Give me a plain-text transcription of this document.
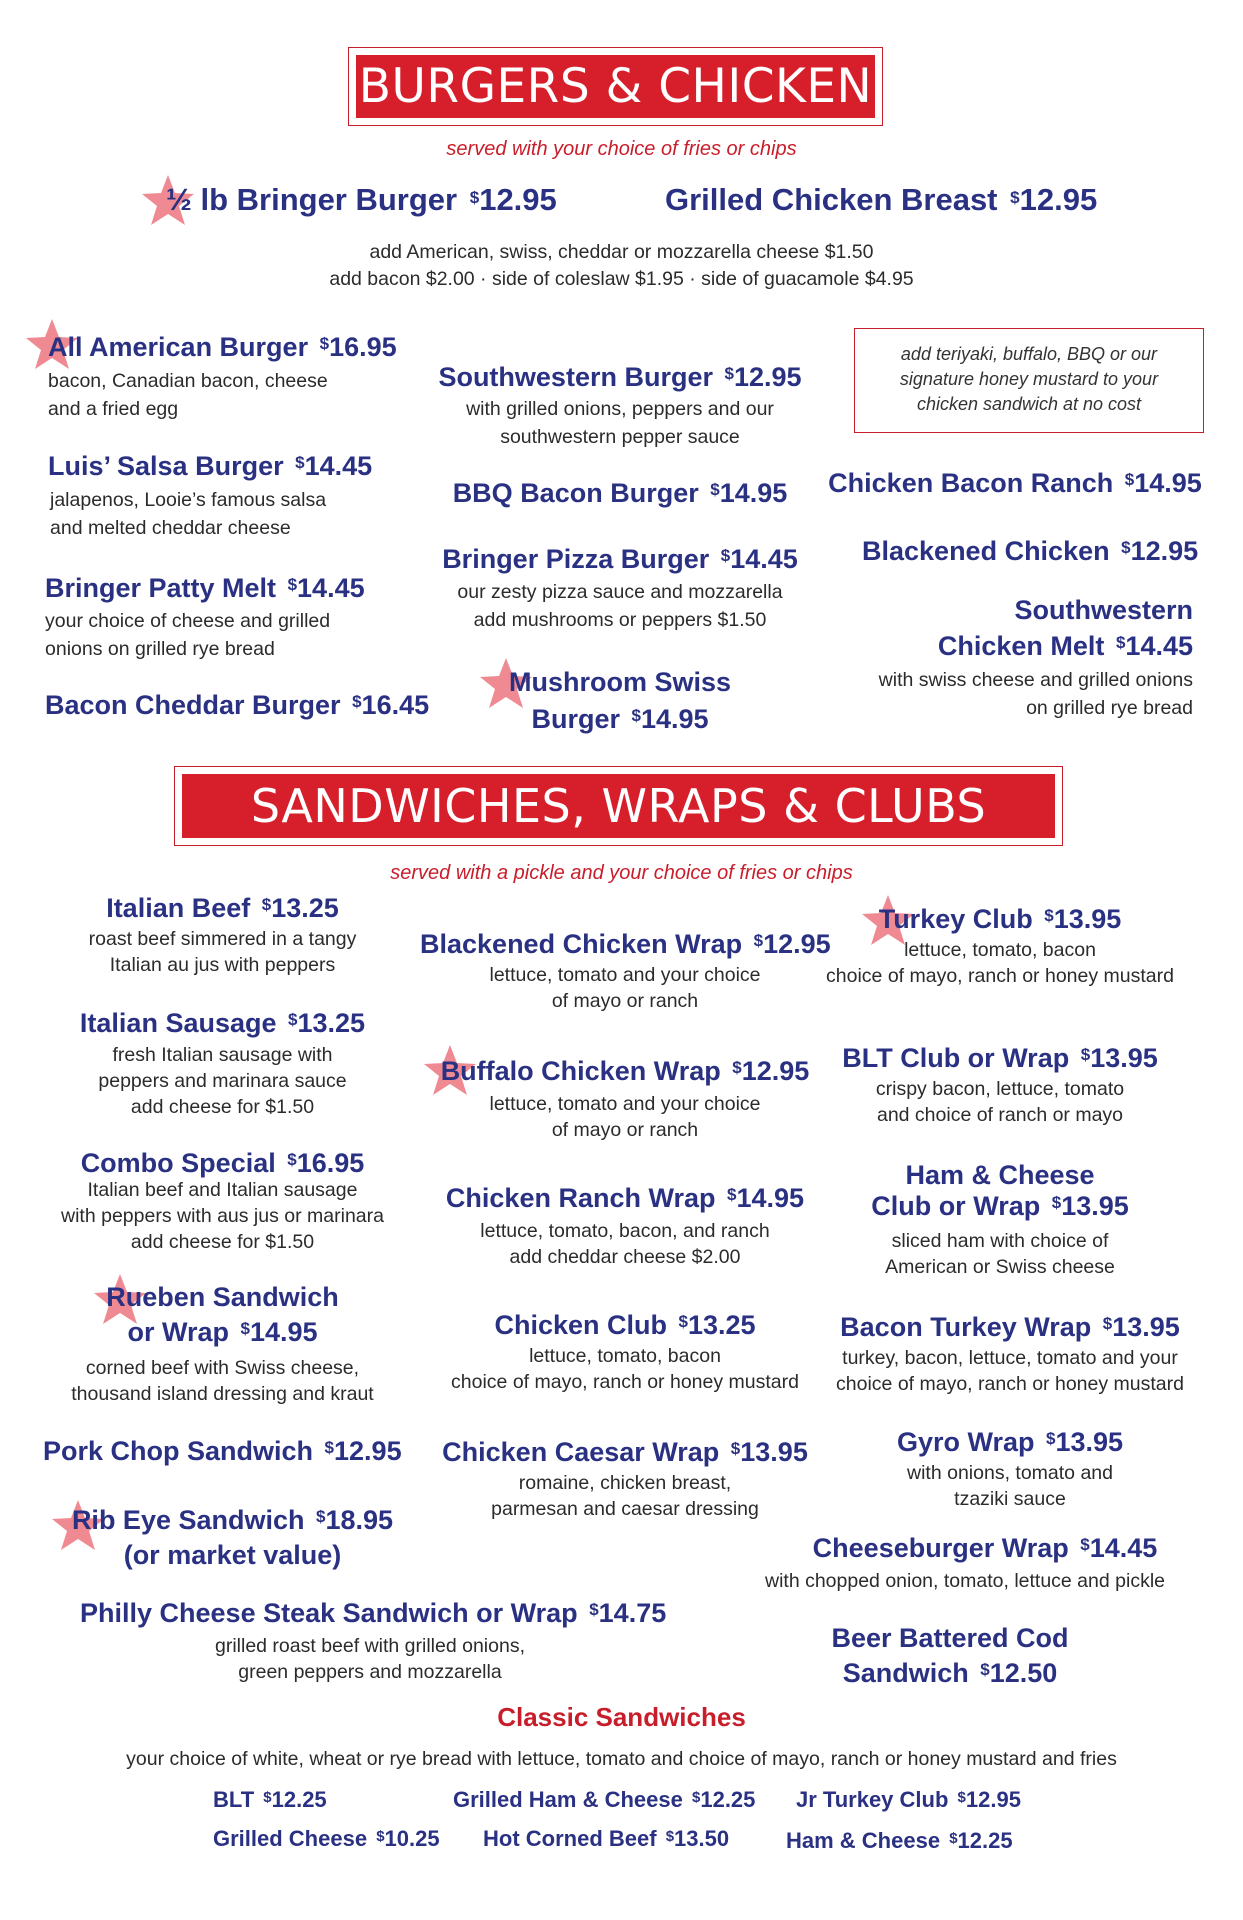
BURGERS & CHICKEN
served with your choice of fries or chips
½ lb Bringer Burger $12.95	Grilled Chicken Breast $12.95
add American, swiss, cheddar or mozzarella cheese $1.50
add bacon $2.00 · side of coleslaw $1.95 · side of guacamole $4.95
All American Burger $16.95
bacon, Canadian bacon, cheese
and a fried egg
Luis’ Salsa Burger $14.45
jalapenos, Looie’s famous salsa
and melted cheddar cheese
Bringer Patty Melt $14.45
your choice of cheese and grilled
onions on grilled rye bread
Bacon Cheddar Burger $16.45
Southwestern Burger $12.95
with grilled onions, peppers and our
southwestern pepper sauce
BBQ Bacon Burger $14.95
Bringer Pizza Burger $14.45
our zesty pizza sauce and mozzarella
add mushrooms or peppers $1.50
Mushroom Swiss
Burger $14.95
add teriyaki, buffalo, BBQ or our signature honey mustard to your chicken sandwich at no cost
Chicken Bacon Ranch $14.95
Blackened Chicken $12.95
Southwestern
Chicken Melt $14.45
with swiss cheese and grilled onions
on grilled rye bread
SANDWICHES, WRAPS & CLUBS
served with a pickle and your choice of fries or chips
Italian Beef $13.25
roast beef simmered in a tangy
Italian au jus with peppers
Italian Sausage $13.25
fresh Italian sausage with
peppers and marinara sauce
add cheese for $1.50
Combo Special $16.95
Italian beef and Italian sausage
with peppers with aus jus or marinara
add cheese for $1.50
Rueben Sandwich
or Wrap $14.95
corned beef with Swiss cheese,
thousand island dressing and kraut
Pork Chop Sandwich $12.95
Rib Eye Sandwich $18.95
(or market value)
Philly Cheese Steak Sandwich or Wrap $14.75
grilled roast beef with grilled onions,
green peppers and mozzarella
Blackened Chicken Wrap $12.95
lettuce, tomato and your choice
of mayo or ranch
Buffalo Chicken Wrap $12.95
lettuce, tomato and your choice
of mayo or ranch
Chicken Ranch Wrap $14.95
lettuce, tomato, bacon, and ranch
add cheddar cheese $2.00
Chicken Club $13.25
lettuce, tomato, bacon
choice of mayo, ranch or honey mustard
Chicken Caesar Wrap $13.95
romaine, chicken breast,
parmesan and caesar dressing
Turkey Club $13.95
lettuce, tomato, bacon
choice of mayo, ranch or honey mustard
BLT Club or Wrap $13.95
crispy bacon, lettuce, tomato
and choice of ranch or mayo
Ham & Cheese
Club or Wrap $13.95
sliced ham with choice of
American or Swiss cheese
Bacon Turkey Wrap $13.95
turkey, bacon, lettuce, tomato and your
choice of mayo, ranch or honey mustard
Gyro Wrap $13.95
with onions, tomato and
tzaziki sauce
Cheeseburger Wrap $14.45
with chopped onion, tomato, lettuce and pickle
Beer Battered Cod
Sandwich $12.50
Classic Sandwiches
your choice of white, wheat or rye bread with lettuce, tomato and choice of mayo, ranch or honey mustard and fries
BLT $12.25	Grilled Ham & Cheese $12.25 Jr Turkey Club $12.95
Grilled Cheese $10.25 Hot Corned Beef $13.50	Ham & Cheese $12.25
